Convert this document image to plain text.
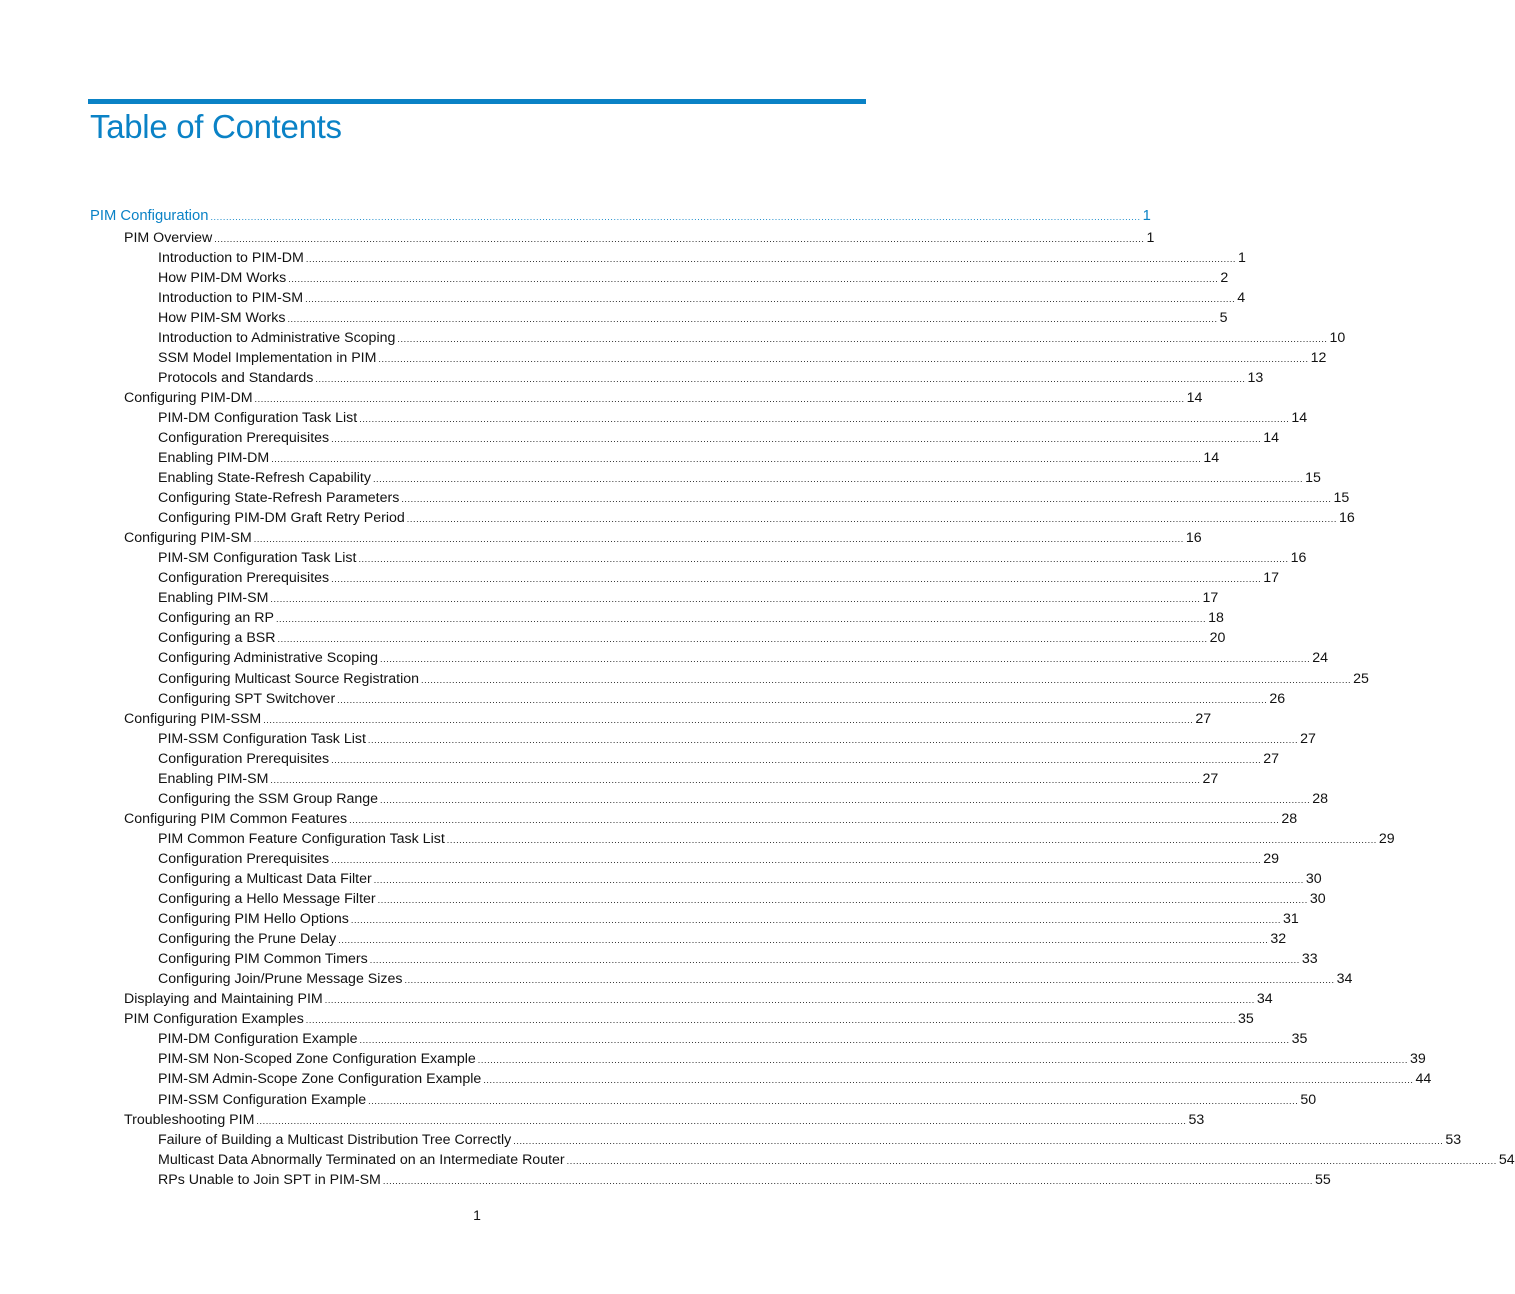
Table of Contents
PIM Configuration ............................................................................................................................................................................................................................................................................................................ 1
PIM Overview ............................................................................................................................................................................................................................................................................................................ 1
Introduction to PIM-DM ............................................................................................................................................................................................................................................................................................................ 1
How PIM-DM Works ............................................................................................................................................................................................................................................................................................................ 2
Introduction to PIM-SM ............................................................................................................................................................................................................................................................................................................ 4
How PIM-SM Works ............................................................................................................................................................................................................................................................................................................ 5
Introduction to Administrative Scoping ............................................................................................................................................................................................................................................................................................................ 10
SSM Model Implementation in PIM ............................................................................................................................................................................................................................................................................................................ 12
Protocols and Standards ............................................................................................................................................................................................................................................................................................................ 13
Configuring PIM-DM ............................................................................................................................................................................................................................................................................................................ 14
PIM-DM Configuration Task List ............................................................................................................................................................................................................................................................................................................ 14
Configuration Prerequisites ............................................................................................................................................................................................................................................................................................................ 14
Enabling PIM-DM ............................................................................................................................................................................................................................................................................................................ 14
Enabling State-Refresh Capability ............................................................................................................................................................................................................................................................................................................ 15
Configuring State-Refresh Parameters ............................................................................................................................................................................................................................................................................................................ 15
Configuring PIM-DM Graft Retry Period ............................................................................................................................................................................................................................................................................................................ 16
Configuring PIM-SM ............................................................................................................................................................................................................................................................................................................ 16
PIM-SM Configuration Task List ............................................................................................................................................................................................................................................................................................................ 16
Configuration Prerequisites ............................................................................................................................................................................................................................................................................................................ 17
Enabling PIM-SM ............................................................................................................................................................................................................................................................................................................ 17
Configuring an RP ............................................................................................................................................................................................................................................................................................................ 18
Configuring a BSR ............................................................................................................................................................................................................................................................................................................ 20
Configuring Administrative Scoping ............................................................................................................................................................................................................................................................................................................ 24
Configuring Multicast Source Registration ............................................................................................................................................................................................................................................................................................................ 25
Configuring SPT Switchover ............................................................................................................................................................................................................................................................................................................ 26
Configuring PIM-SSM ............................................................................................................................................................................................................................................................................................................ 27
PIM-SSM Configuration Task List ............................................................................................................................................................................................................................................................................................................ 27
Configuration Prerequisites ............................................................................................................................................................................................................................................................................................................ 27
Enabling PIM-SM ............................................................................................................................................................................................................................................................................................................ 27
Configuring the SSM Group Range ............................................................................................................................................................................................................................................................................................................ 28
Configuring PIM Common Features ............................................................................................................................................................................................................................................................................................................ 28
PIM Common Feature Configuration Task List ............................................................................................................................................................................................................................................................................................................ 29
Configuration Prerequisites ............................................................................................................................................................................................................................................................................................................ 29
Configuring a Multicast Data Filter ............................................................................................................................................................................................................................................................................................................ 30
Configuring a Hello Message Filter ............................................................................................................................................................................................................................................................................................................ 30
Configuring PIM Hello Options ............................................................................................................................................................................................................................................................................................................ 31
Configuring the Prune Delay ............................................................................................................................................................................................................................................................................................................ 32
Configuring PIM Common Timers ............................................................................................................................................................................................................................................................................................................ 33
Configuring Join/Prune Message Sizes ............................................................................................................................................................................................................................................................................................................ 34
Displaying and Maintaining PIM ............................................................................................................................................................................................................................................................................................................ 34
PIM Configuration Examples ............................................................................................................................................................................................................................................................................................................ 35
PIM-DM Configuration Example ............................................................................................................................................................................................................................................................................................................ 35
PIM-SM Non-Scoped Zone Configuration Example ............................................................................................................................................................................................................................................................................................................ 39
PIM-SM Admin-Scope Zone Configuration Example ............................................................................................................................................................................................................................................................................................................ 44
PIM-SSM Configuration Example ............................................................................................................................................................................................................................................................................................................ 50
Troubleshooting PIM ............................................................................................................................................................................................................................................................................................................ 53
Failure of Building a Multicast Distribution Tree Correctly ............................................................................................................................................................................................................................................................................................................ 53
Multicast Data Abnormally Terminated on an Intermediate Router ............................................................................................................................................................................................................................................................................................................ 54
RPs Unable to Join SPT in PIM-SM ............................................................................................................................................................................................................................................................................................................ 55
1
